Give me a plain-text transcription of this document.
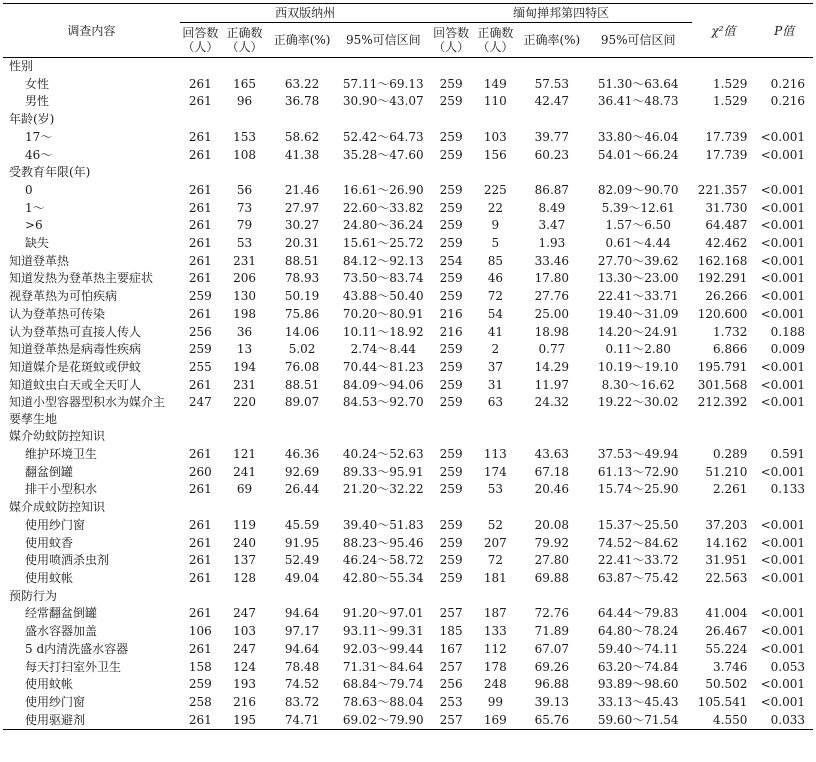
调查内容	西双版纳州				缅甸掸邦第四特区				χ²值	P值
	回答数（人）	正确数（人）	正确率(%)	95%可信区间	回答数（人）	正确数（人）	正确率(%)	95%可信区间		
性别										
女性	261	165	63.22	57.11～69.13	259	149	57.53	51.30～63.64	1.529	0.216
男性	261	96	36.78	30.90～43.07	259	110	42.47	36.41～48.73	1.529	0.216
年龄(岁)										
17～	261	153	58.62	52.42～64.73	259	103	39.77	33.80～46.04	17.739	<0.001
46～	261	108	41.38	35.28～47.60	259	156	60.23	54.01～66.24	17.739	<0.001
受教育年限(年)										
0	261	56	21.46	16.61～26.90	259	225	86.87	82.09～90.70	221.357	<0.001
1～	261	73	27.97	22.60～33.82	259	22	8.49	5.39～12.61	31.730	<0.001
>6	261	79	30.27	24.80～36.24	259	9	3.47	1.57～6.50	64.487	<0.001
缺失	261	53	20.31	15.61～25.72	259	5	1.93	0.61～4.44	42.462	<0.001
知道登革热	261	231	88.51	84.12～92.13	254	85	33.46	27.70～39.62	162.168	<0.001
知道发热为登革热主要症状	261	206	78.93	73.50～83.74	259	46	17.80	13.30～23.00	192.291	<0.001
视登革热为可怕疾病	259	130	50.19	43.88～50.40	259	72	27.76	22.41～33.71	26.266	<0.001
认为登革热可传染	261	198	75.86	70.20～80.91	216	54	25.00	19.40～31.09	120.600	<0.001
认为登革热可直接人传人	256	36	14.06	10.11～18.92	216	41	18.98	14.20～24.91	1.732	0.188
知道登革热是病毒性疾病	259	13	5.02	2.74～8.44	259	2	0.77	0.11～2.80	6.866	0.009
知道媒介是花斑蚊或伊蚊	255	194	76.08	70.44～81.23	259	37	14.29	10.19～19.10	195.791	<0.001
知道蚊虫白天或全天叮人	261	231	88.51	84.09～94.06	259	31	11.97	8.30～16.62	301.568	<0.001
知道小型容器型积水为媒介主要孳生地	247	220	89.07	84.53～92.70	259	63	24.32	19.22～30.02	212.392	<0.001
媒介幼蚊防控知识										
维护环境卫生	261	121	46.36	40.24～52.63	259	113	43.63	37.53～49.94	0.289	0.591
翻盆倒罐	260	241	92.69	89.33～95.91	259	174	67.18	61.13～72.90	51.210	<0.001
排干小型积水	261	69	26.44	21.20～32.22	259	53	20.46	15.74～25.90	2.261	0.133
媒介成蚊防控知识										
使用纱门窗	261	119	45.59	39.40～51.83	259	52	20.08	15.37～25.50	37.203	<0.001
使用蚊香	261	240	91.95	88.23～95.46	259	207	79.92	74.52～84.62	14.162	<0.001
使用喷洒杀虫剂	261	137	52.49	46.24～58.72	259	72	27.80	22.41～33.72	31.951	<0.001
使用蚊帐	261	128	49.04	42.80～55.34	259	181	69.88	63.87～75.42	22.563	<0.001
预防行为										
经常翻盆倒罐	261	247	94.64	91.20～97.01	257	187	72.76	64.44～79.83	41.004	<0.001
盛水容器加盖	106	103	97.17	93.11～99.31	185	133	71.89	64.80～78.24	26.467	<0.001
5 d内清洗盛水容器	261	247	94.64	92.03～99.44	167	112	67.07	59.40～74.11	55.224	<0.001
每天打扫室外卫生	158	124	78.48	71.31～84.64	257	178	69.26	63.20～74.84	3.746	0.053
使用蚊帐	259	193	74.52	68.84～79.74	256	248	96.88	93.89～98.60	50.502	<0.001
使用纱门窗	258	216	83.72	78.63～88.04	253	99	39.13	33.13～45.43	105.541	<0.001
使用驱避剂	261	195	74.71	69.02～79.90	257	169	65.76	59.60～71.54	4.550	0.033
